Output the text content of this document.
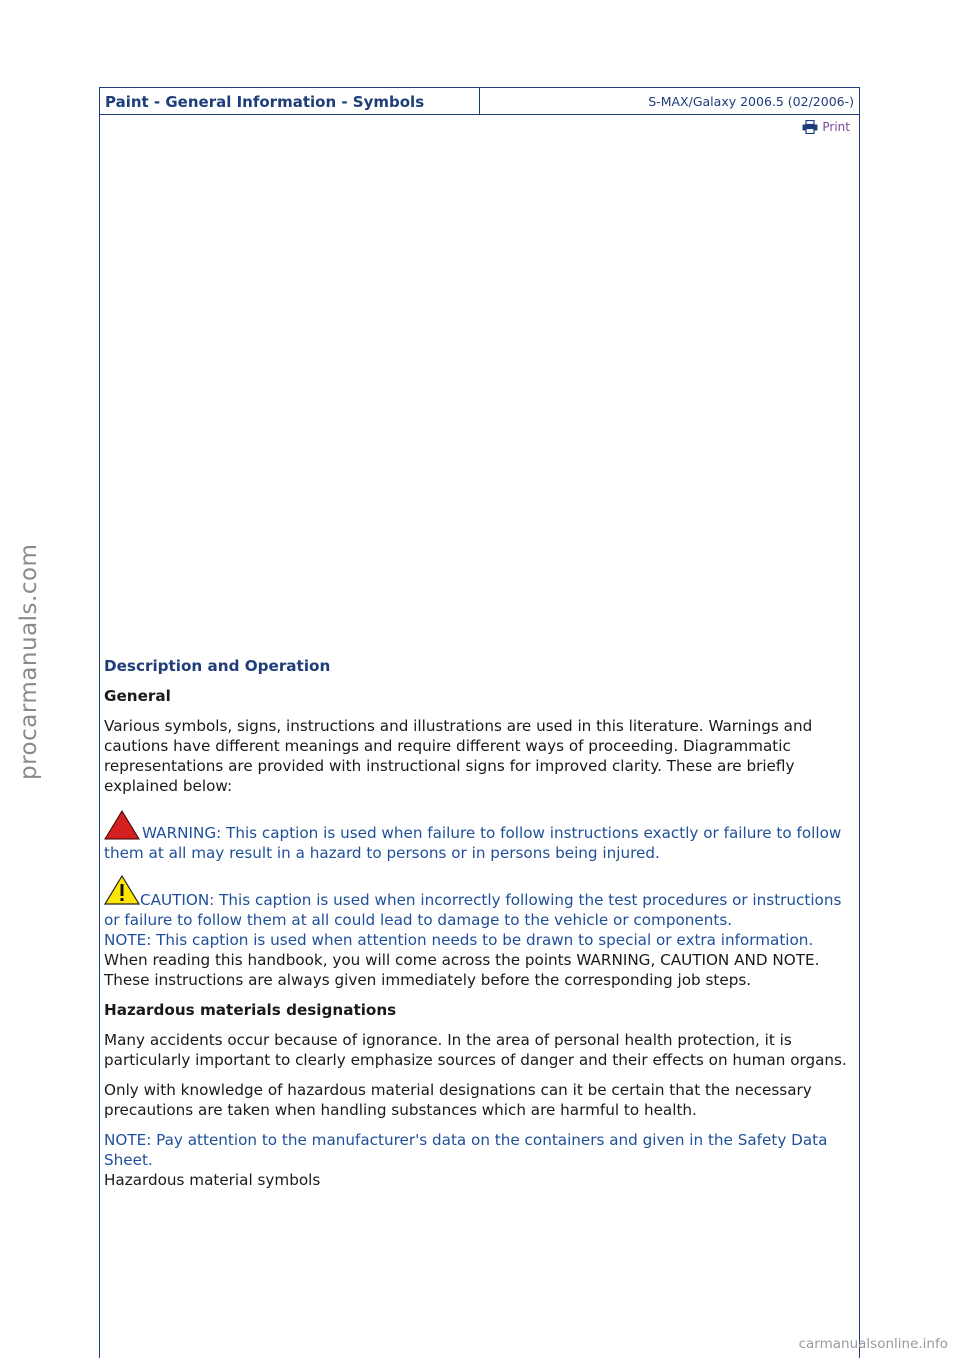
Paint - General Information - Symbols	S-MAX/Galaxy 2006.5 (02/2006-)
Print

Description and Operation

General

Various symbols, signs, instructions and illustrations are used in this literature. Warnings and cautions have different meanings and require different ways of proceeding. Diagrammatic representations are provided with instructional signs for improved clarity. These are briefly explained below:

WARNING: This caption is used when failure to follow instructions exactly or failure to follow them at all may result in a hazard to persons or in persons being injured.

CAUTION: This caption is used when incorrectly following the test procedures or instructions or failure to follow them at all could lead to damage to the vehicle or components.

NOTE: This caption is used when attention needs to be drawn to special or extra information.

When reading this handbook, you will come across the points WARNING, CAUTION AND NOTE. These instructions are always given immediately before the corresponding job steps.

Hazardous materials designations

Many accidents occur because of ignorance. In the area of personal health protection, it is particularly important to clearly emphasize sources of danger and their effects on human organs.

Only with knowledge of hazardous material designations can it be certain that the necessary precautions are taken when handling substances which are harmful to health.

NOTE: Pay attention to the manufacturer's data on the containers and given in the Safety Data Sheet.

Hazardous material symbols

procarmanuals.com
carmanualsonline.info
